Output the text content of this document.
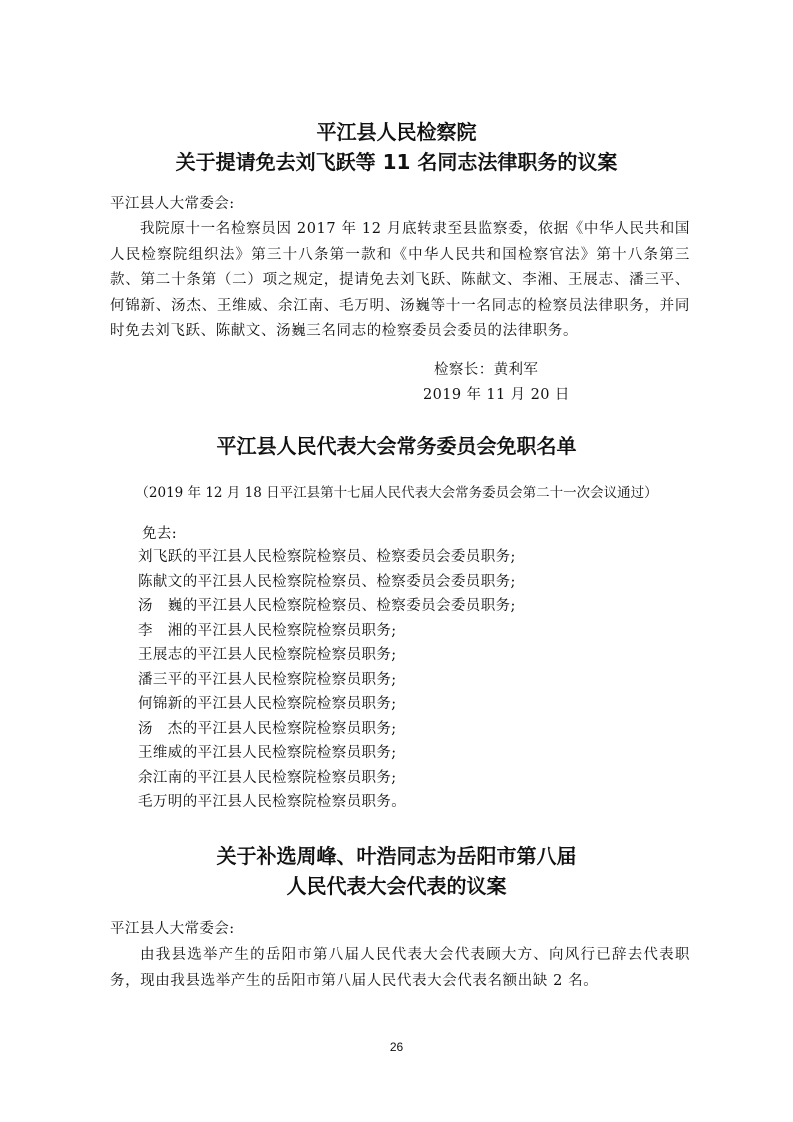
平江县人民检察院
关于提请免去刘飞跃等 11 名同志法律职务的议案
平江县人大常委会:
我院原十一名检察员因 2017 年 12 月底转隶至县监察委，依据《中华人民共和国人民检察院组织法》第三十八条第一款和《中华人民共和国检察官法》第十八条第三款、第二十条第（二）项之规定，提请免去刘飞跃、陈献文、李湘、王展志、潘三平、何锦新、汤杰、王维威、余江南、毛万明、汤巍等十一名同志的检察员法律职务，并同时免去刘飞跃、陈献文、汤巍三名同志的检察委员会委员的法律职务。
检察长：黄利军
2019 年 11 月 20 日
平江县人民代表大会常务委员会免职名单
（2019 年 12 月 18 日平江县第十七届人民代表大会常务委员会第二十一次会议通过）
免去:
刘飞跃的平江县人民检察院检察员、检察委员会委员职务;
陈献文的平江县人民检察院检察员、检察委员会委员职务;
汤　巍的平江县人民检察院检察员、检察委员会委员职务;
李　湘的平江县人民检察院检察员职务;
王展志的平江县人民检察院检察员职务;
潘三平的平江县人民检察院检察员职务;
何锦新的平江县人民检察院检察员职务;
汤　杰的平江县人民检察院检察员职务;
王维威的平江县人民检察院检察员职务;
余江南的平江县人民检察院检察员职务;
毛万明的平江县人民检察院检察员职务。
关于补选周峰、叶浩同志为岳阳市第八届
人民代表大会代表的议案
平江县人大常委会:
由我县选举产生的岳阳市第八届人民代表大会代表顾大方、向风行已辞去代表职务，现由我县选举产生的岳阳市第八届人民代表大会代表名额出缺 2 名。
26
